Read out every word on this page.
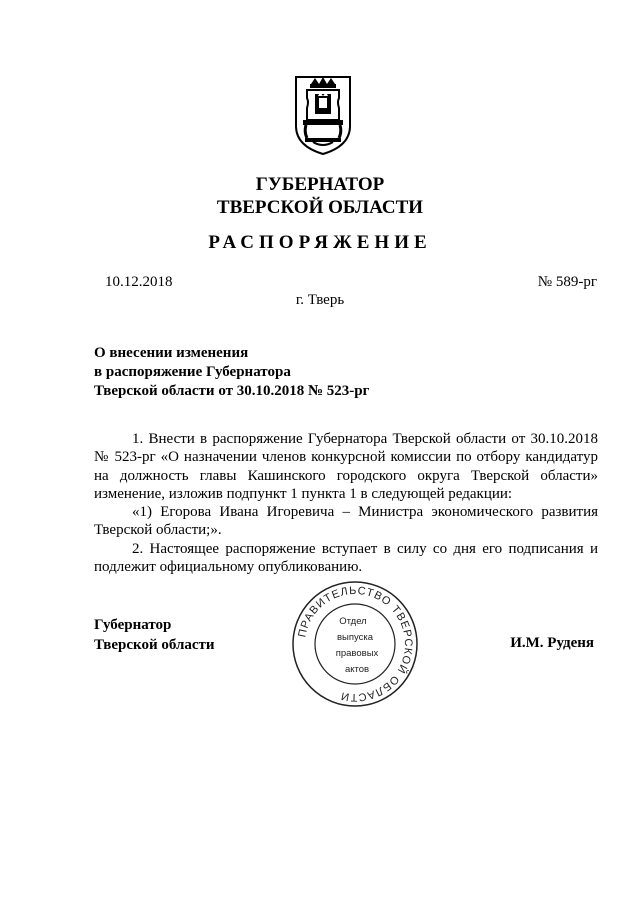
ГУБЕРНАТОР
ТВЕРСКОЙ ОБЛАСТИ
РАСПОРЯЖЕНИЕ
10.12.2018	№ 589-рг
г. Тверь
О внесении изменения
в распоряжение Губернатора
Тверской области от 30.10.2018 № 523-рг

1. Внести в распоряжение Губернатора Тверской области от 30.10.2018 № 523-рг «О назначении членов конкурсной комиссии по отбору кандидатур на должность главы Кашинского городского округа Тверской области» изменение, изложив подпункт 1 пункта 1 в следующей редакции:

«1) Егорова Ивана Игоревича – Министра экономического развития Тверской области;».

2. Настоящее распоряжение вступает в силу со дня его подписания и подлежит официальному опубликованию.

Губернатор
Тверской области	И.М. Руденя
ПРАВИТЕЛЬСТВО ТВЕРСКОЙ ОБЛАСТИ
Отдел
выпуска
правовых
актов
